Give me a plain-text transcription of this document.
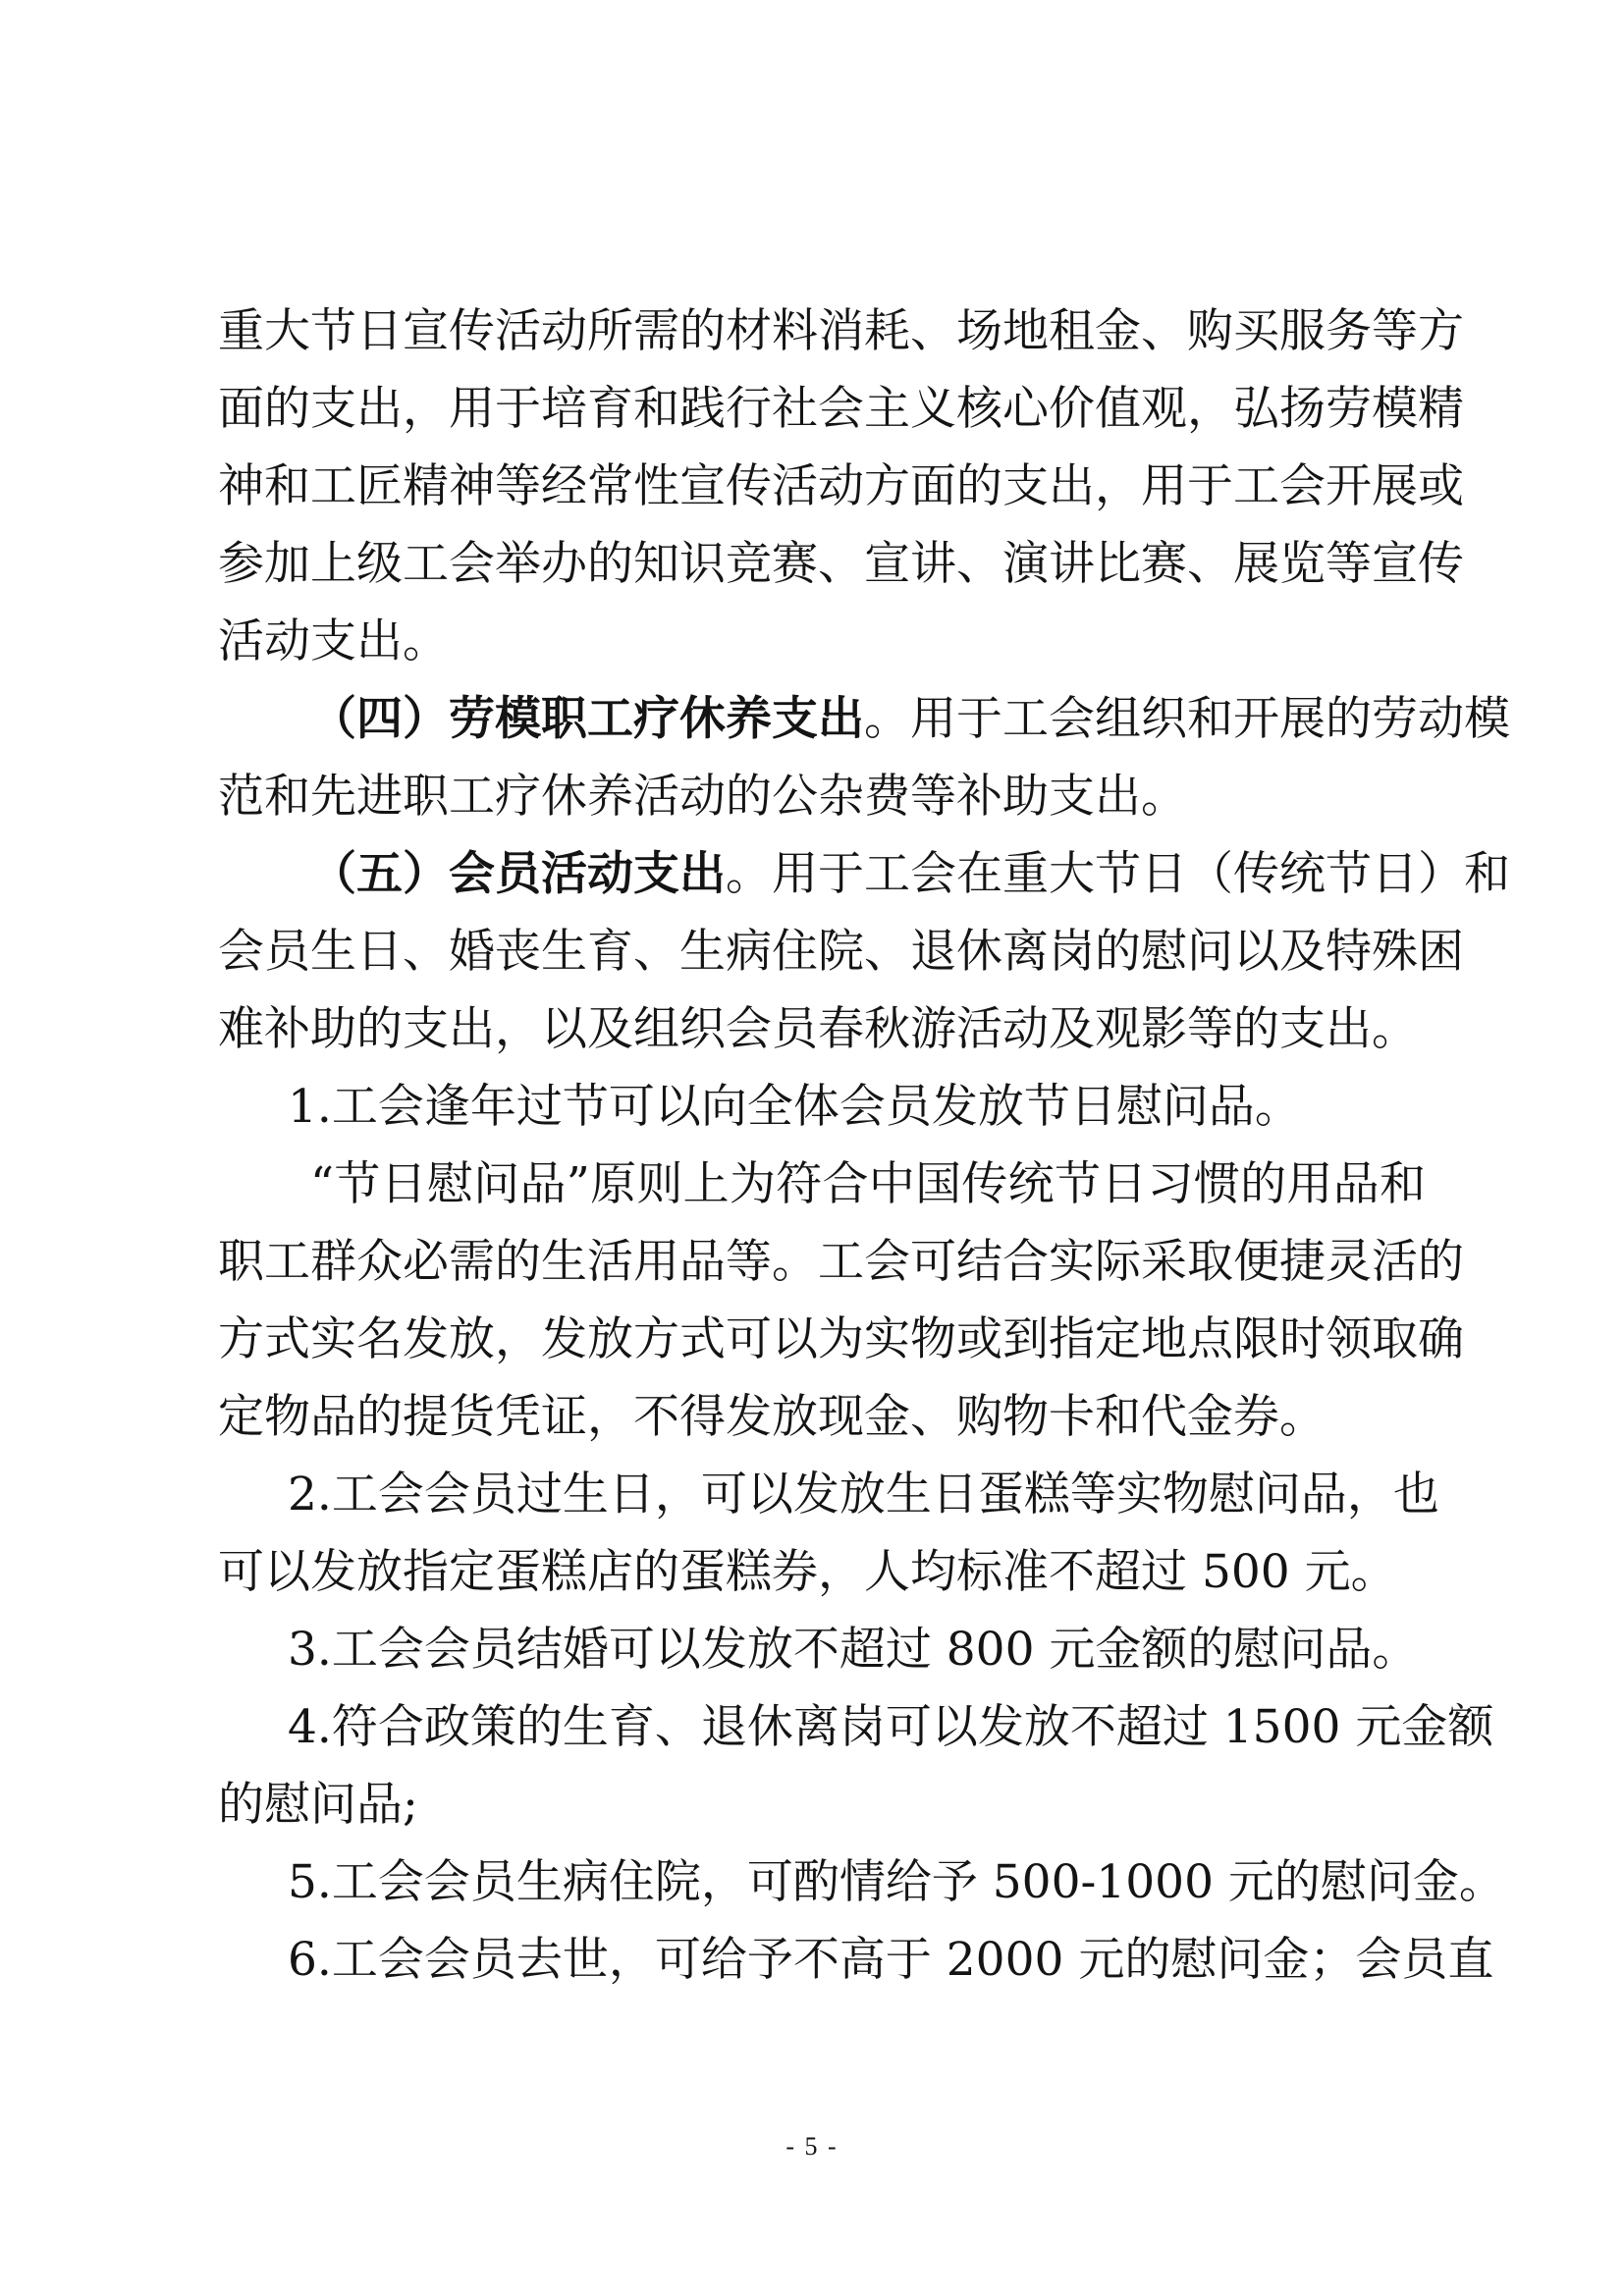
重大节日宣传活动所需的材料消耗、场地租金、购买服务等方
面的支出，用于培育和践行社会主义核心价值观，弘扬劳模精
神和工匠精神等经常性宣传活动方面的支出，用于工会开展或
参加上级工会举办的知识竞赛、宣讲、演讲比赛、展览等宣传
活动支出。
（四）劳模职工疗休养支出。用于工会组织和开展的劳动模
范和先进职工疗休养活动的公杂费等补助支出。
（五）会员活动支出。用于工会在重大节日（传统节日）和
会员生日、婚丧生育、生病住院、退休离岗的慰问以及特殊困
难补助的支出，以及组织会员春秋游活动及观影等的支出。
1.工会逢年过节可以向全体会员发放节日慰问品。
“节日慰问品”原则上为符合中国传统节日习惯的用品和
职工群众必需的生活用品等。工会可结合实际采取便捷灵活的
方式实名发放，发放方式可以为实物或到指定地点限时领取确
定物品的提货凭证，不得发放现金、购物卡和代金券。
2.工会会员过生日，可以发放生日蛋糕等实物慰问品，也
可以发放指定蛋糕店的蛋糕券，人均标准不超过 500 元。
3.工会会员结婚可以发放不超过 800 元金额的慰问品。
4.符合政策的生育、退休离岗可以发放不超过 1500 元金额
的慰问品;
5.工会会员生病住院，可酌情给予 500-1000 元的慰问金。
6.工会会员去世，可给予不高于 2000 元的慰问金；会员直
- 5 -
